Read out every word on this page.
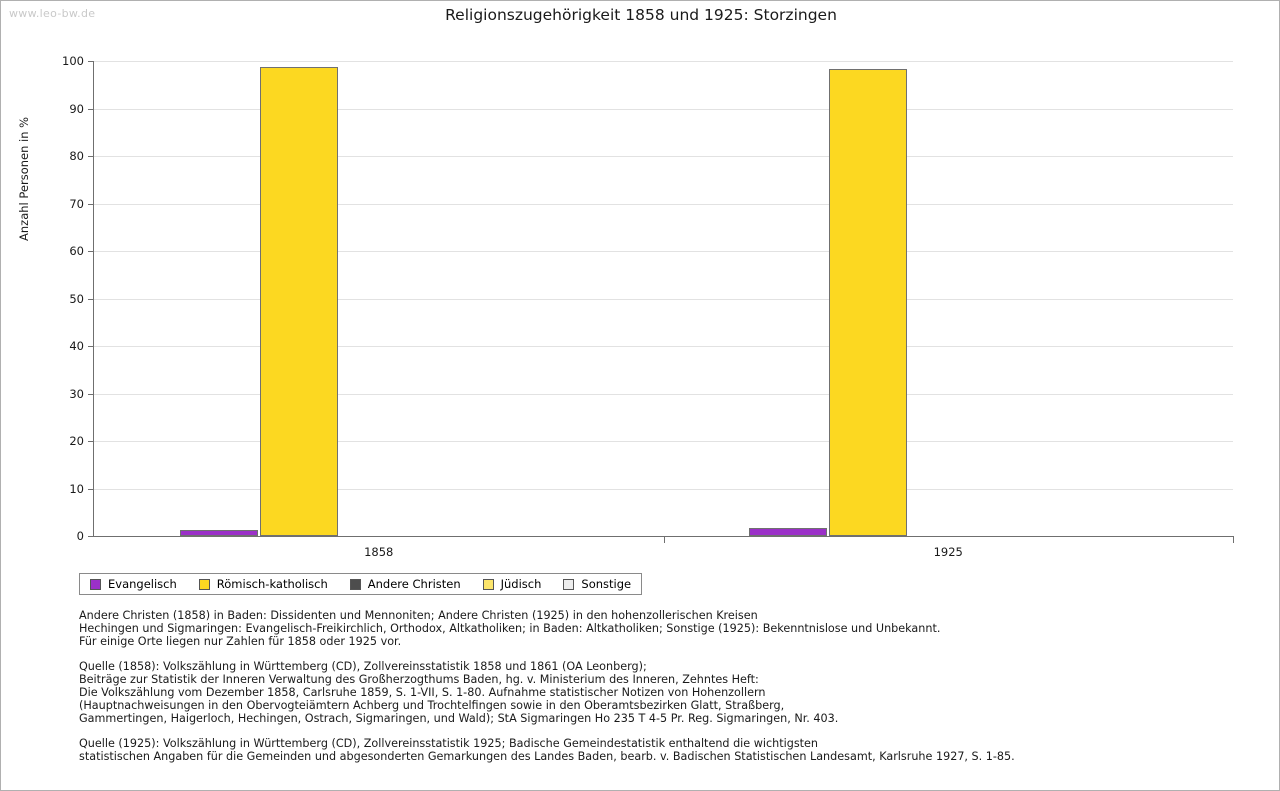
www.leo-bw.de	Religionszugehörigkeit 1858 und 1925: Storzingen
Anzahl Personen in %
0
10
20
30
40
50
60
70
80
90
100
1858	1925
Evangelisch	Römisch-katholisch	Andere Christen	Jüdisch	Sonstige
Andere Christen (1858) in Baden: Dissidenten und Mennoniten; Andere Christen (1925) in den hohenzollerischen Kreisen
Hechingen und Sigmaringen: Evangelisch-Freikirchlich, Orthodox, Altkatholiken; in Baden: Altkatholiken; Sonstige (1925): Bekenntnislose und Unbekannt.
Für einige Orte liegen nur Zahlen für 1858 oder 1925 vor.
Quelle (1858): Volkszählung in Württemberg (CD), Zollvereinsstatistik 1858 und 1861 (OA Leonberg);
Beiträge zur Statistik der Inneren Verwaltung des Großherzogthums Baden, hg. v. Ministerium des Inneren, Zehntes Heft:
Die Volkszählung vom Dezember 1858, Carlsruhe 1859, S. 1-VII, S. 1-80. Aufnahme statistischer Notizen von Hohenzollern
(Hauptnachweisungen in den Obervogteiämtern Achberg und Trochtelfingen sowie in den Oberamtsbezirken Glatt, Straßberg,
Gammertingen, Haigerloch, Hechingen, Ostrach, Sigmaringen, und Wald); StA Sigmaringen Ho 235 T 4-5 Pr. Reg. Sigmaringen, Nr. 403.
Quelle (1925): Volkszählung in Württemberg (CD), Zollvereinsstatistik 1925; Badische Gemeindestatistik enthaltend die wichtigsten
statistischen Angaben für die Gemeinden und abgesonderten Gemarkungen des Landes Baden, bearb. v. Badischen Statistischen Landesamt, Karlsruhe 1927, S. 1-85.
